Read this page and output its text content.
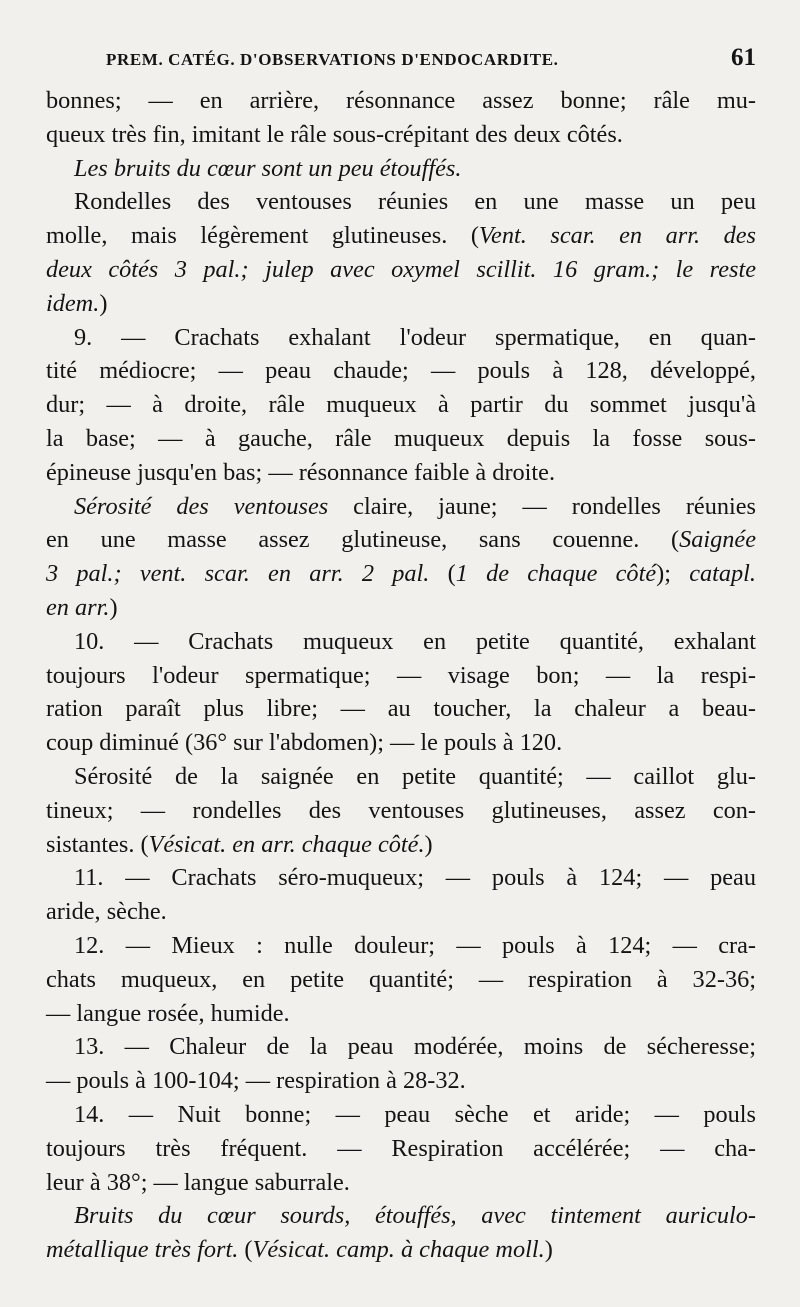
PREM. CATÉG. D'OBSERVATIONS D'ENDOCARDITE.	61
bonnes; — en arrière, résonnance assez bonne; râle mu-
queux très fin, imitant le râle sous-crépitant des deux côtés.
Les bruits du cœur sont un peu étouffés.
Rondelles des ventouses réunies en une masse un peu
molle, mais légèrement glutineuses. (Vent. scar. en arr. des
deux côtés 3 pal.; julep avec oxymel scillit. 16 gram.; le reste
idem.)
9. — Crachats exhalant l'odeur spermatique, en quan-
tité médiocre; — peau chaude; — pouls à 128, développé,
dur; — à droite, râle muqueux à partir du sommet jusqu'à
la base; — à gauche, râle muqueux depuis la fosse sous-
épineuse jusqu'en bas; — résonnance faible à droite.
Sérosité des ventouses claire, jaune; — rondelles réunies
en une masse assez glutineuse, sans couenne. (Saignée
3 pal.; vent. scar. en arr. 2 pal. (1 de chaque côté); catapl.
en arr.)
10. — Crachats muqueux en petite quantité, exhalant
toujours l'odeur spermatique; — visage bon; — la respi-
ration paraît plus libre; — au toucher, la chaleur a beau-
coup diminué (36° sur l'abdomen); — le pouls à 120.
Sérosité de la saignée en petite quantité; — caillot glu-
tineux; — rondelles des ventouses glutineuses, assez con-
sistantes. (Vésicat. en arr. chaque côté.)
11. — Crachats séro-muqueux; — pouls à 124; — peau
aride, sèche.
12. — Mieux : nulle douleur; — pouls à 124; — cra-
chats muqueux, en petite quantité; — respiration à 32-36;
— langue rosée, humide.
13. — Chaleur de la peau modérée, moins de sécheresse;
— pouls à 100-104; — respiration à 28-32.
14. — Nuit bonne; — peau sèche et aride; — pouls
toujours très fréquent. — Respiration accélérée; — cha-
leur à 38°; — langue saburrale.
Bruits du cœur sourds, étouffés, avec tintement auriculo-
métallique très fort. (Vésicat. camp. à chaque moll.)
